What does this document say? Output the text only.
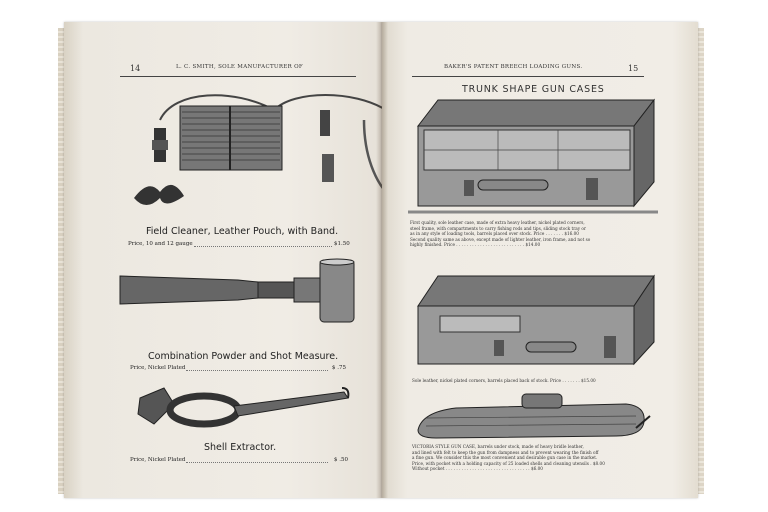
14	L. C. SMITH, SOLE MANUFACTURER OF
Field Cleaner, Leather Pouch, with Band.
Price, 10 and 12 gauge	$1.50
Combination Powder and Shot Measure.
Price, Nickel Plated	$ .75
Shell Extractor.
Price, Nickel Plated	$ .50
BAKER'S PATENT BREECH LOADING GUNS.	15
TRUNK SHAPE GUN CASES
First quality, sole leather case, made of extra heavy leather, nickel plated corners,
steel frame, with compartments to carry fishing rods and tips, sliding stock tray or
as in any style of loading tools, barrels placed over stock. Price . . . . . . . $16.00
Second quality same as above, except made of lighter leather, iron frame, and not so
highly finished. Price . . . . . . . . . . . . . . . . . . . . . . . . . . $14.00
Sole leather, nickel plated corners, barrels placed back of stock. Price . . . . . . . $15.00
VICTORIA STYLE GUN CASE, barrels under stock, made of heavy bridle leather,
and lined with felt to keep the gun from dampness and to prevent wearing the finish off
a fine gun. We consider this the most convenient and desirable gun case in the market.
Price, with pocket with a holding capacity of 25 loaded shells and cleaning utensils . $8.00
Without pocket . . . . . . . . . . . . . . . . . . . . . . . . . . . . . . . . $6.00
